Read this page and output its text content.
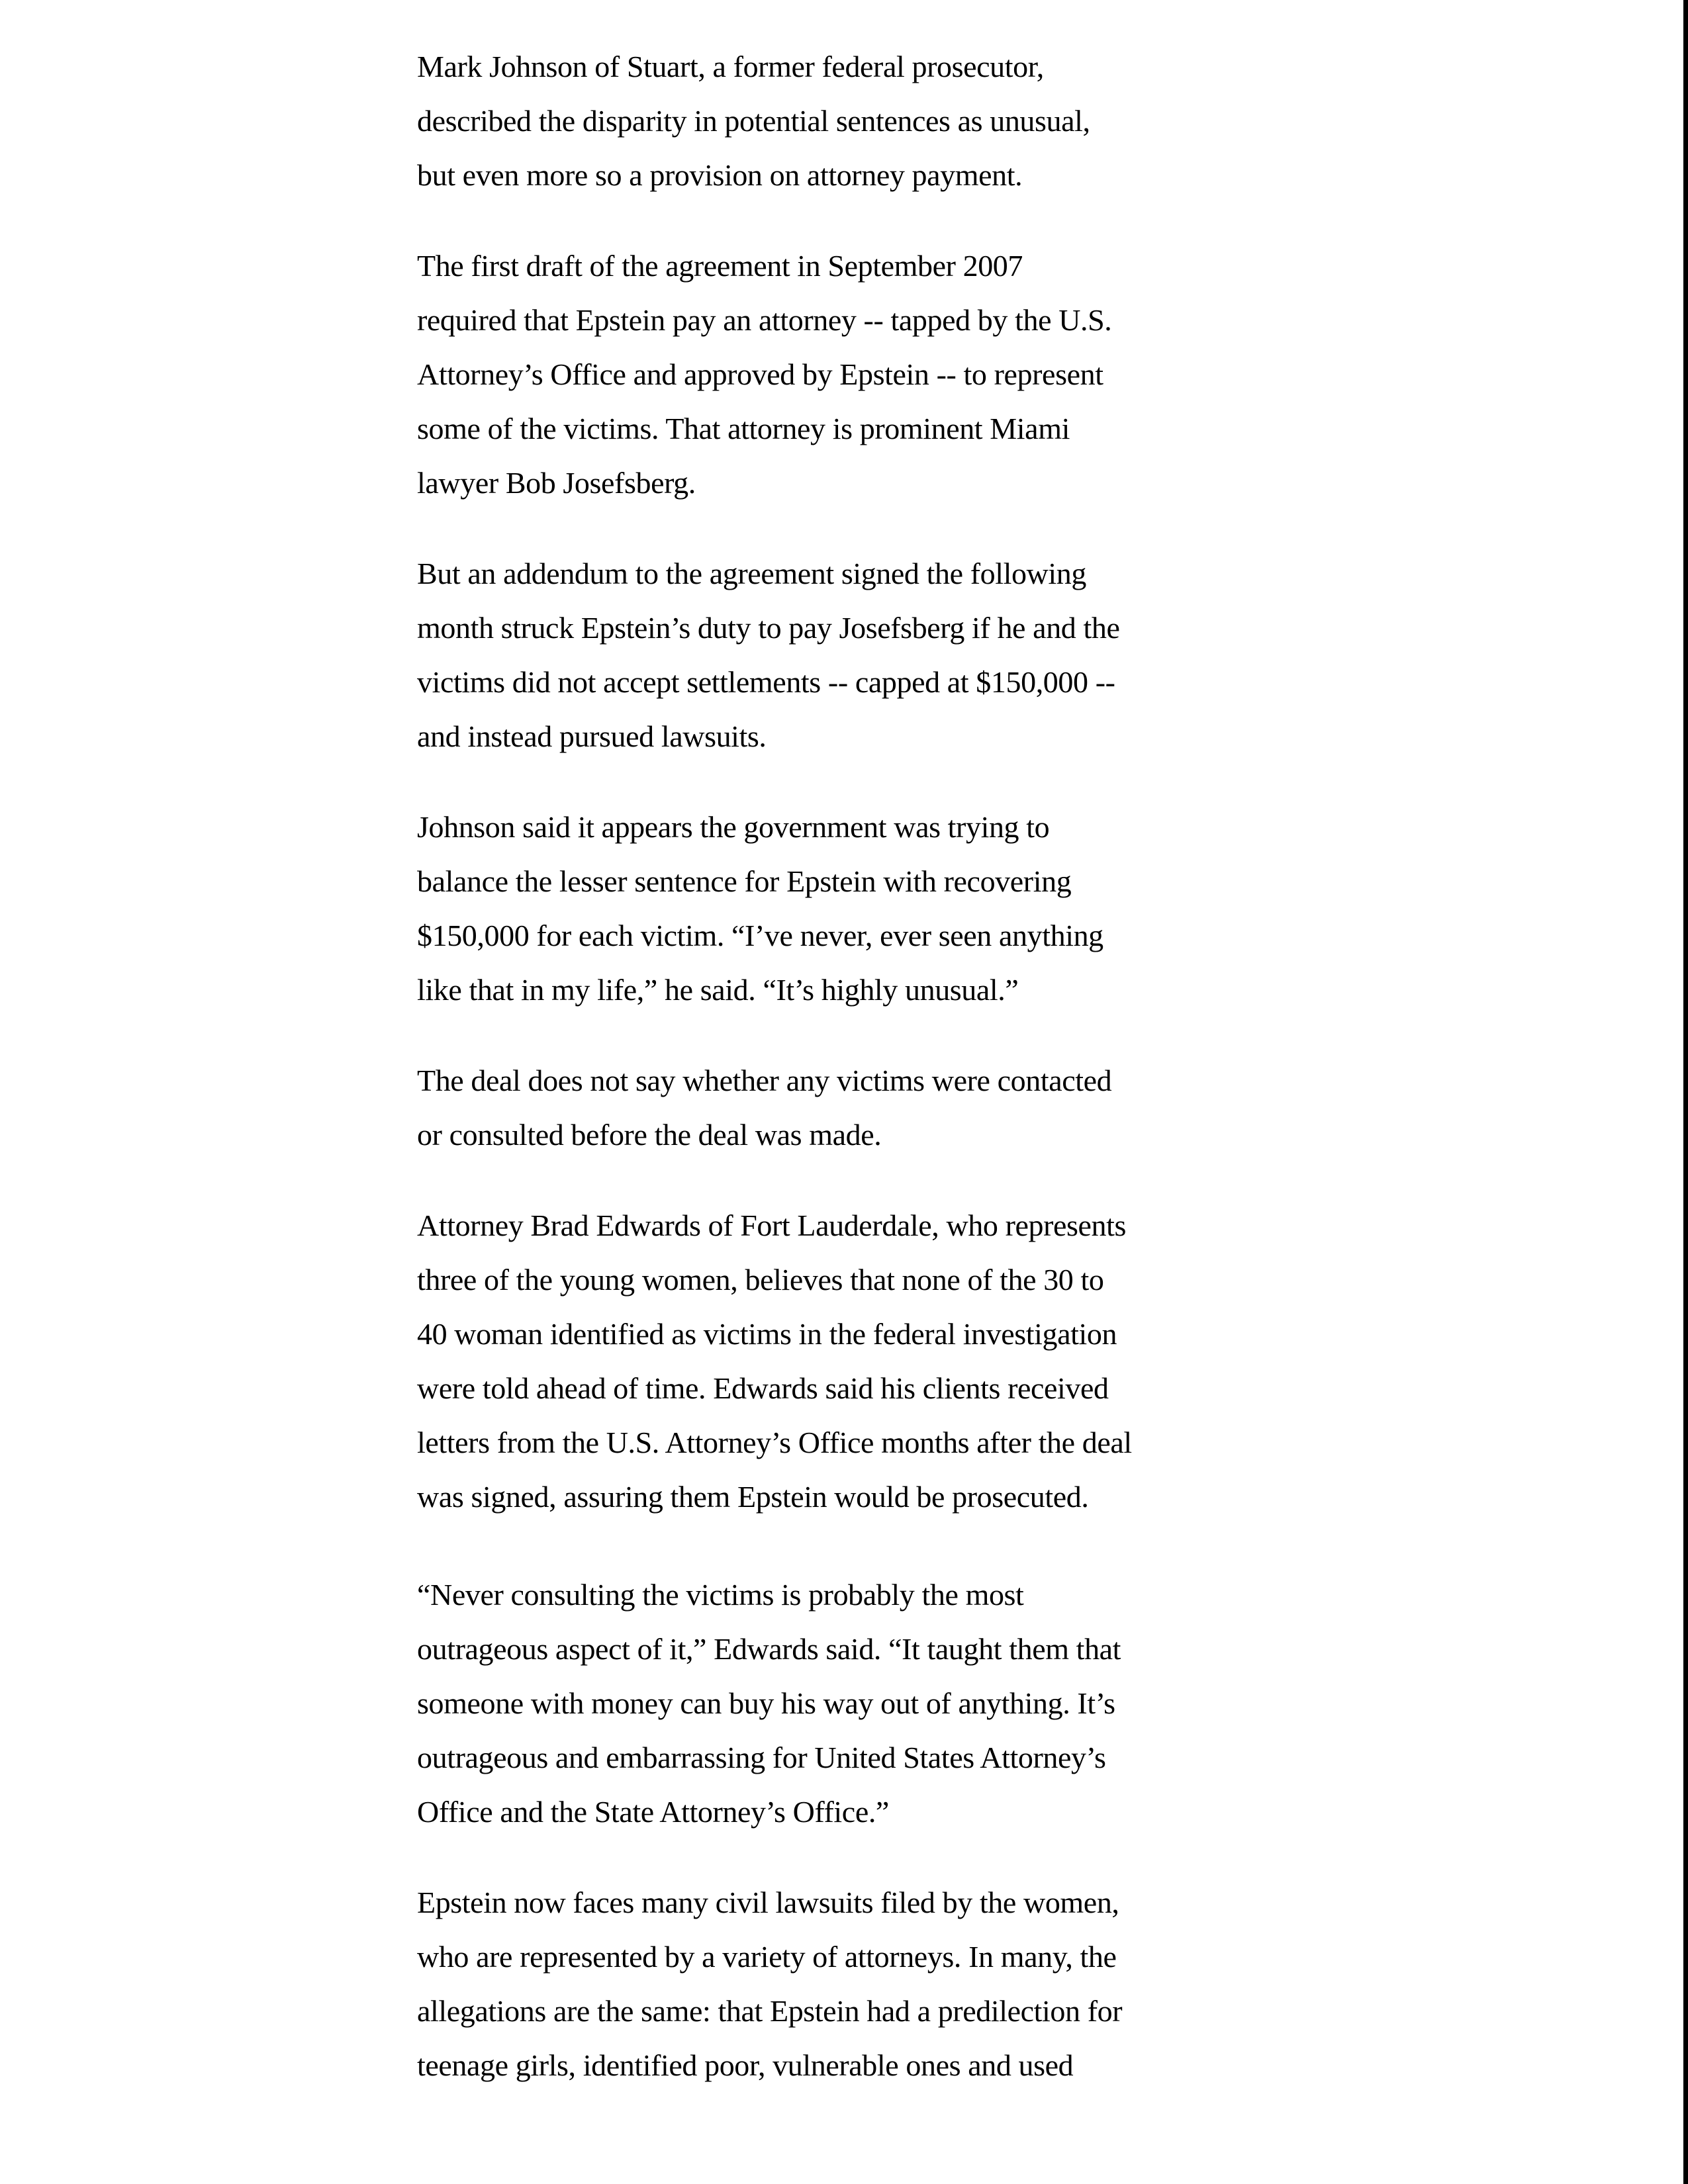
Mark Johnson of Stuart, a former federal prosecutor,
described the disparity in potential sentences as unusual,
but even more so a provision on attorney payment.

The first draft of the agreement in September 2007
required that Epstein pay an attorney -- tapped by the U.S.
Attorney’s Office and approved by Epstein -- to represent
some of the victims. That attorney is prominent Miami
lawyer Bob Josefsberg.

But an addendum to the agreement signed the following
month struck Epstein’s duty to pay Josefsberg if he and the
victims did not accept settlements -- capped at $150,000 --
and instead pursued lawsuits.

Johnson said it appears the government was trying to
balance the lesser sentence for Epstein with recovering
$150,000 for each victim. “I’ve never, ever seen anything
like that in my life,” he said. “It’s highly unusual.”

The deal does not say whether any victims were contacted
or consulted before the deal was made.

Attorney Brad Edwards of Fort Lauderdale, who represents
three of the young women, believes that none of the 30 to
40 woman identified as victims in the federal investigation
were told ahead of time. Edwards said his clients received
letters from the U.S. Attorney’s Office months after the deal
was signed, assuring them Epstein would be prosecuted.

“Never consulting the victims is probably the most
outrageous aspect of it,” Edwards said. “It taught them that
someone with money can buy his way out of anything. It’s
outrageous and embarrassing for United States Attorney’s
Office and the State Attorney’s Office.”

Epstein now faces many civil lawsuits filed by the women,
who are represented by a variety of attorneys. In many, the
allegations are the same: that Epstein had a predilection for
teenage girls, identified poor, vulnerable ones and used
